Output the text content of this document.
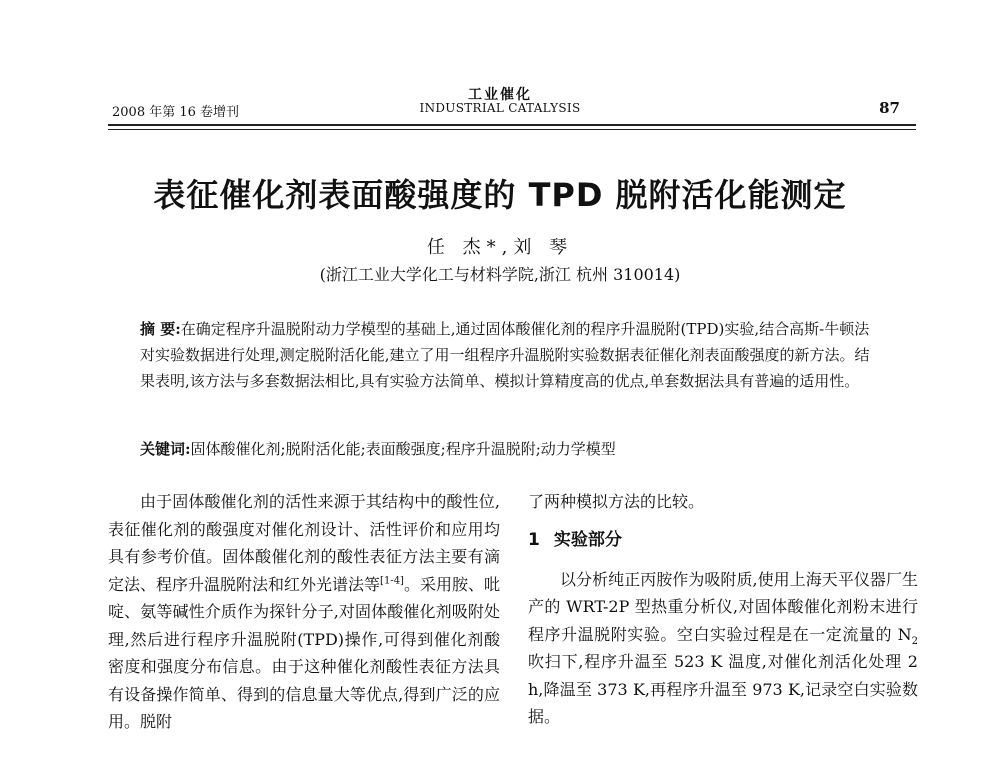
工业催化
INDUSTRIAL CATALYSIS
2008 年第 16 卷增刊	87
表征催化剂表面酸强度的 TPD 脱附活化能测定
任 杰*,刘 琴
(浙江工业大学化工与材料学院,浙江 杭州 310014)
摘 要:在确定程序升温脱附动力学模型的基础上,通过固体酸催化剂的程序升温脱附(TPD)实验,结合高斯-牛顿法对实验数据进行处理,测定脱附活化能,建立了用一组程序升温脱附实验数据表征催化剂表面酸强度的新方法。结果表明,该方法与多套数据法相比,具有实验方法简单、模拟计算精度高的优点,单套数据法具有普遍的适用性。
关键词:固体酸催化剂;脱附活化能;表面酸强度;程序升温脱附;动力学模型

由于固体酸催化剂的活性来源于其结构中的酸性位,表征催化剂的酸强度对催化剂设计、活性评价和应用均具有参考价值。固体酸催化剂的酸性表征方法主要有滴定法、程序升温脱附法和红外光谱法等[1-4]。采用胺、吡啶、氨等碱性介质作为探针分子,对固体酸催化剂吸附处理,然后进行程序升温脱附(TPD)操作,可得到催化剂酸密度和强度分布信息。由于这种催化剂酸性表征方法具有设备操作简单、得到的信息量大等优点,得到广泛的应用。脱附

了两种模拟方法的比较。

1 实验部分

以分析纯正丙胺作为吸附质,使用上海天平仪器厂生产的 WRT-2P 型热重分析仪,对固体酸催化剂粉末进行程序升温脱附实验。空白实验过程是在一定流量的 $N_2$ 吹扫下,程序升温至 523 K 温度,对催化剂活化处理 2 h,降温至 373 K,再程序升温至 973 K,记录空白实验数据。
